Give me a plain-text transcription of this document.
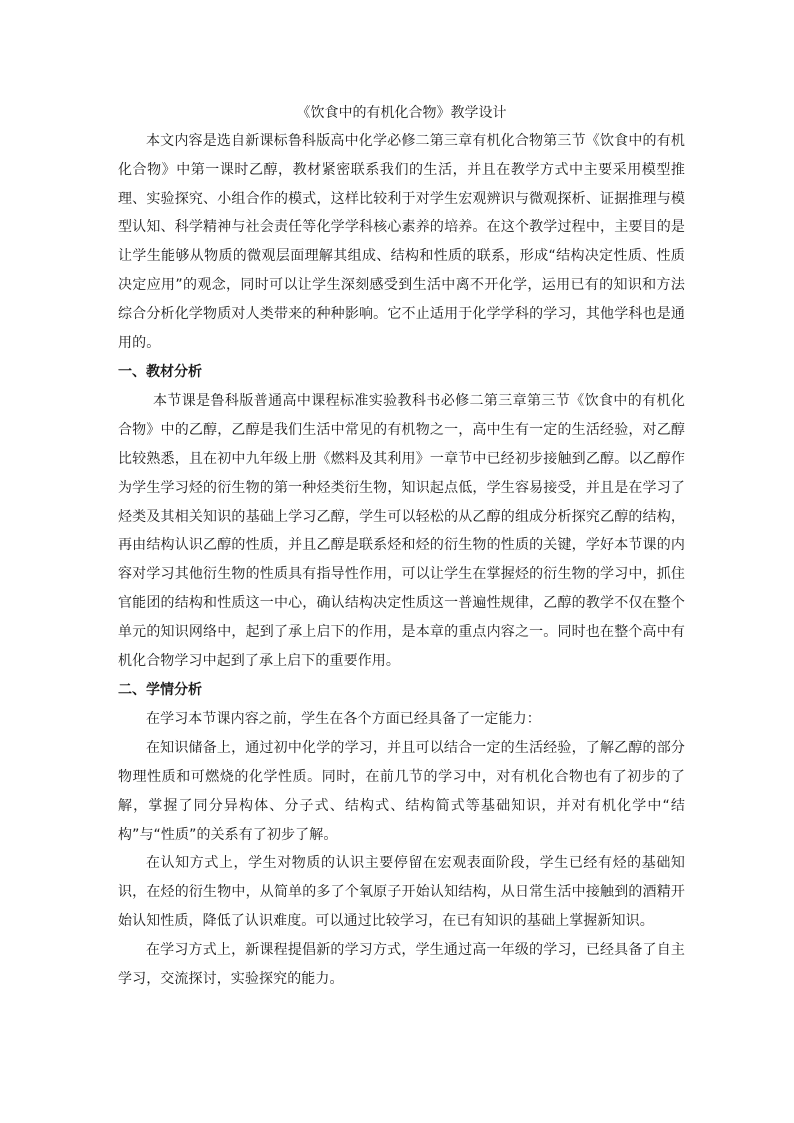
《饮食中的有机化合物》教学设计

本文内容是选自新课标鲁科版高中化学必修二第三章有机化合物第三节《饮食中的有机化合物》中第一课时乙醇，教材紧密联系我们的生活，并且在教学方式中主要采用模型推理、实验探究、小组合作的模式，这样比较利于对学生宏观辨识与微观探析、证据推理与模型认知、科学精神与社会责任等化学学科核心素养的培养。在这个教学过程中，主要目的是让学生能够从物质的微观层面理解其组成、结构和性质的联系，形成“结构决定性质、性质决定应用”的观念，同时可以让学生深刻感受到生活中离不开化学，运用已有的知识和方法综合分析化学物质对人类带来的种种影响。它不止适用于化学学科的学习，其他学科也是通用的。

一、教材分析

本节课是鲁科版普通高中课程标准实验教科书必修二第三章第三节《饮食中的有机化合物》中的乙醇，乙醇是我们生活中常见的有机物之一，高中生有一定的生活经验，对乙醇比较熟悉，且在初中九年级上册《燃料及其利用》一章节中已经初步接触到乙醇。以乙醇作为学生学习烃的衍生物的第一种烃类衍生物，知识起点低，学生容易接受，并且是在学习了烃类及其相关知识的基础上学习乙醇，学生可以轻松的从乙醇的组成分析探究乙醇的结构，再由结构认识乙醇的性质，并且乙醇是联系烃和烃的衍生物的性质的关键，学好本节课的内容对学习其他衍生物的性质具有指导性作用，可以让学生在掌握烃的衍生物的学习中，抓住官能团的结构和性质这一中心，确认结构决定性质这一普遍性规律，乙醇的教学不仅在整个单元的知识网络中，起到了承上启下的作用，是本章的重点内容之一。同时也在整个高中有机化合物学习中起到了承上启下的重要作用。

二、学情分析

在学习本节课内容之前，学生在各个方面已经具备了一定能力：

在知识储备上，通过初中化学的学习，并且可以结合一定的生活经验，了解乙醇的部分物理性质和可燃烧的化学性质。同时，在前几节的学习中，对有机化合物也有了初步的了解，掌握了同分异构体、分子式、结构式、结构简式等基础知识，并对有机化学中“结构”与“性质”的关系有了初步了解。

在认知方式上，学生对物质的认识主要停留在宏观表面阶段，学生已经有烃的基础知识，在烃的衍生物中，从简单的多了个氧原子开始认知结构，从日常生活中接触到的酒精开始认知性质，降低了认识难度。可以通过比较学习，在已有知识的基础上掌握新知识。

在学习方式上，新课程提倡新的学习方式，学生通过高一年级的学习，已经具备了自主学习，交流探讨，实验探究的能力。
